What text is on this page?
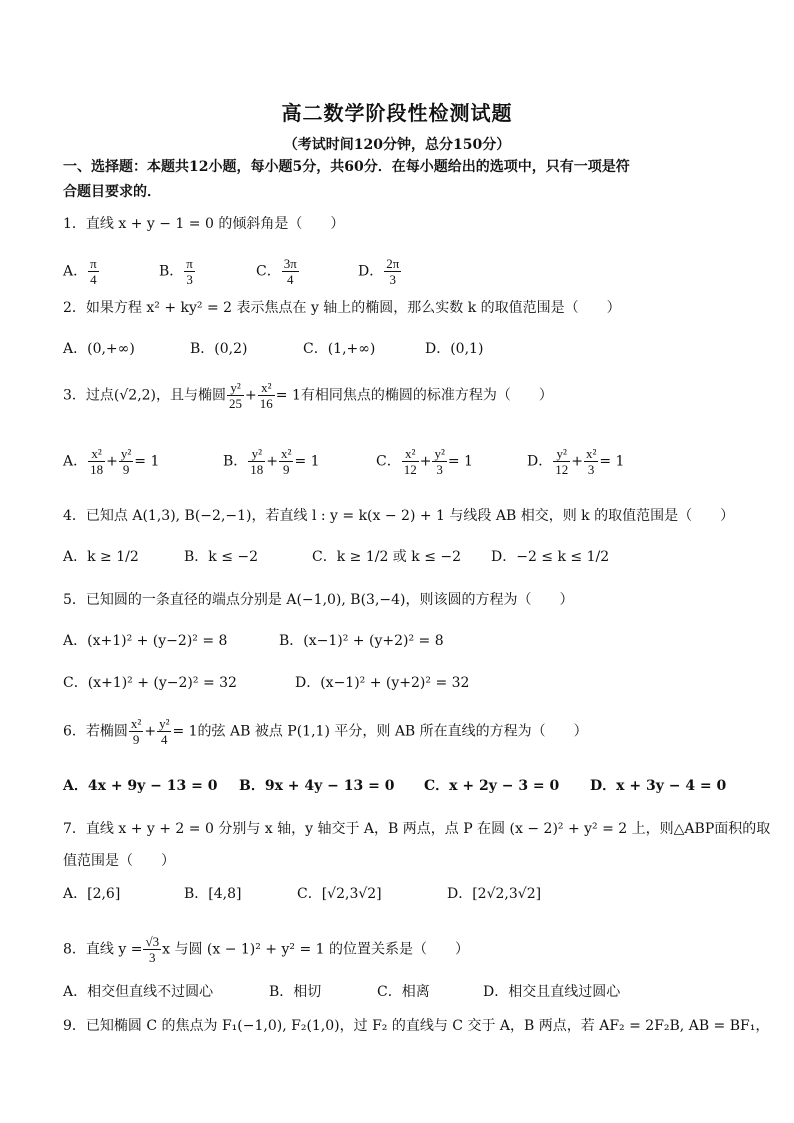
高二数学阶段性检测试题
（考试时间120分钟，总分150分）
一、选择题：本题共12小题，每小题5分，共60分．在每小题给出的选项中，只有一项是符
合题目要求的．
1．直线 x + y − 1 = 0 的倾斜角是（　　）
A． $\frac{\pi}{4}$	B． $\frac{\pi}{3}$	C． $\frac{3\pi}{4}$	D． $\frac{2\pi}{3}$
2．如果方程 x² + ky² = 2 表示焦点在 y 轴上的椭圆，那么实数 k 的取值范围是（　　）
A．(0,+∞)	B．(0,2)	C．(1,+∞)	D．(0,1)
3．过点(√2,2)，且与椭圆 $\frac{\text{y²}}{25} + \frac{\text{x²}}{16} = 1$有相同焦点的椭圆的标准方程为（　　）
A． $\frac{\text{x²}}{18} + \frac{\text{y²}}{9} = 1$	B． $\frac{\text{y²}}{18} + \frac{\text{x²}}{9} = 1$	C． $\frac{\text{x²}}{12} + \frac{\text{y²}}{3} = 1$	D． $\frac{\text{y²}}{12} + \frac{\text{x²}}{3} = 1$
4．已知点 A(1,3), B(−2,−1)，若直线 l : y = k(x − 2) + 1 与线段 AB 相交，则 k 的取值范围是（　　）
A．k ≥ 1/2	B．k ≤ −2	C．k ≥ 1/2 或 k ≤ −2 D．−2 ≤ k ≤ 1/2
5．已知圆的一条直径的端点分别是 A(−1,0), B(3,−4)，则该圆的方程为（　　）
A．(x+1)² + (y−2)² = 8	B．(x−1)² + (y+2)² = 8
C．(x+1)² + (y−2)² = 32	D．(x−1)² + (y+2)² = 32
6．若椭圆 $\frac{\text{x²}}{9} + \frac{\text{y²}}{4} = 1$的弦 AB 被点 P(1,1) 平分，则 AB 所在直线的方程为（　　）
A．4x + 9y − 13 = 0 B．9x + 4y − 13 = 0 C．x + 2y − 3 = 0 D．x + 3y − 4 = 0
7．直线 x + y + 2 = 0 分别与 x 轴，y 轴交于 A，B 两点，点 P 在圆 (x − 2)² + y² = 2 上，则△ABP面积的取
值范围是（　　）
A．[2,6]	B．[4,8]	C．[√2,3√2]	D．[2√2,3√2]
8．直线 $y = \frac{√3}{3}$ x 与圆 (x − 1)² + y² = 1 的位置关系是（　　）
A．相交但直线不过圆心	B．相切	C．相离	D．相交且直线过圆心
9．已知椭圆 C 的焦点为 F₁(−1,0), F₂(1,0)，过 F₂ 的直线与 C 交于 A，B 两点，若 AF₂ = 2F₂B, AB = BF₁，
